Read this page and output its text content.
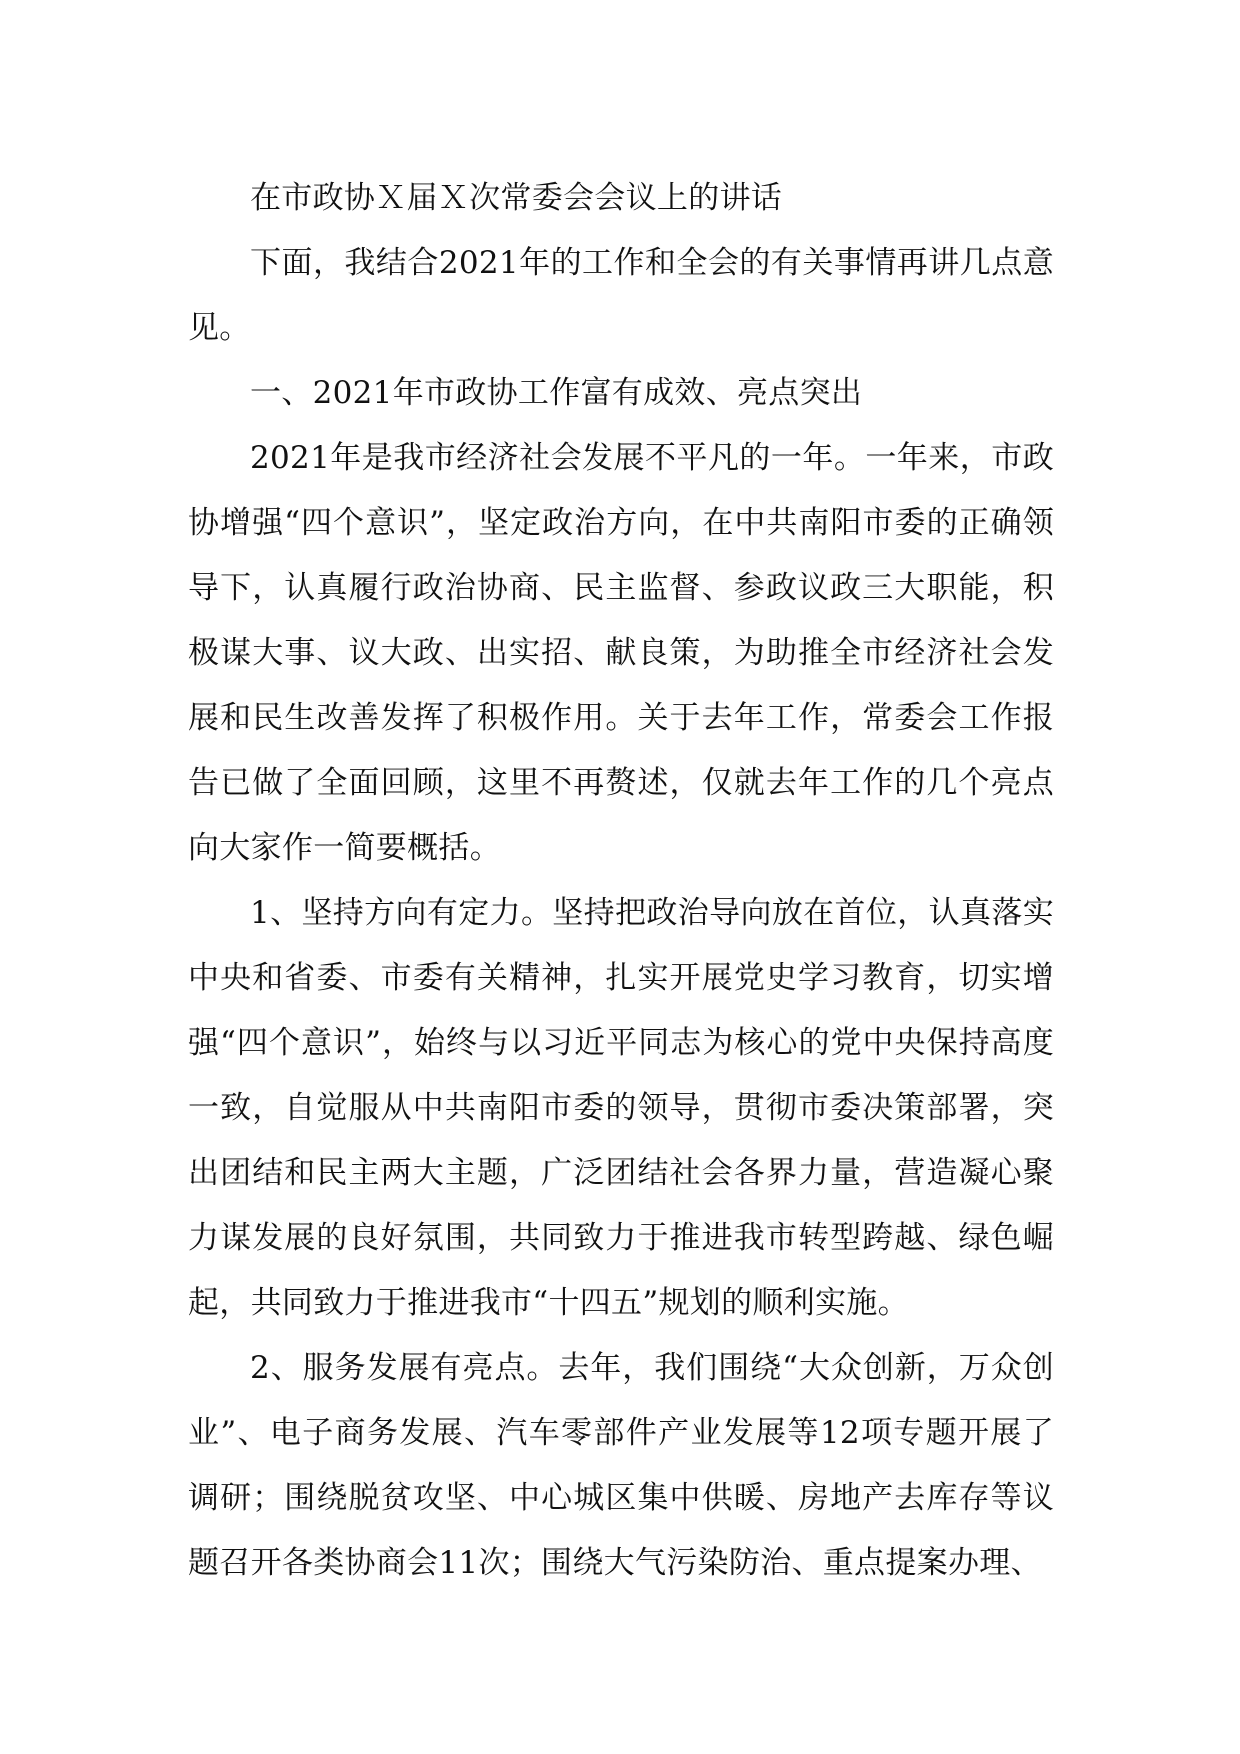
在市政协Ｘ届Ｘ次常委会会议上的讲话

下面，我结合2021年的工作和全会的有关事情再讲几点意见。

一、2021年市政协工作富有成效、亮点突出

2021年是我市经济社会发展不平凡的一年。一年来，市政协增强“四个意识”，坚定政治方向，在中共南阳市委的正确领导下，认真履行政治协商、民主监督、参政议政三大职能，积极谋大事、议大政、出实招、献良策，为助推全市经济社会发展和民生改善发挥了积极作用。关于去年工作，常委会工作报告已做了全面回顾，这里不再赘述，仅就去年工作的几个亮点向大家作一简要概括。

1、坚持方向有定力。坚持把政治导向放在首位，认真落实中央和省委、市委有关精神，扎实开展党史学习教育，切实增强“四个意识”，始终与以习近平同志为核心的党中央保持高度一致，自觉服从中共南阳市委的领导，贯彻市委决策部署，突出团结和民主两大主题，广泛团结社会各界力量，营造凝心聚力谋发展的良好氛围，共同致力于推进我市转型跨越、绿色崛起，共同致力于推进我市“十四五”规划的顺利实施。

2、服务发展有亮点。去年，我们围绕“大众创新，万众创业”、电子商务发展、汽车零部件产业发展等12项专题开展了调研；围绕脱贫攻坚、中心城区集中供暖、房地产去库存等议题召开各类协商会11次；围绕大气污染防治、重点提案办理、
